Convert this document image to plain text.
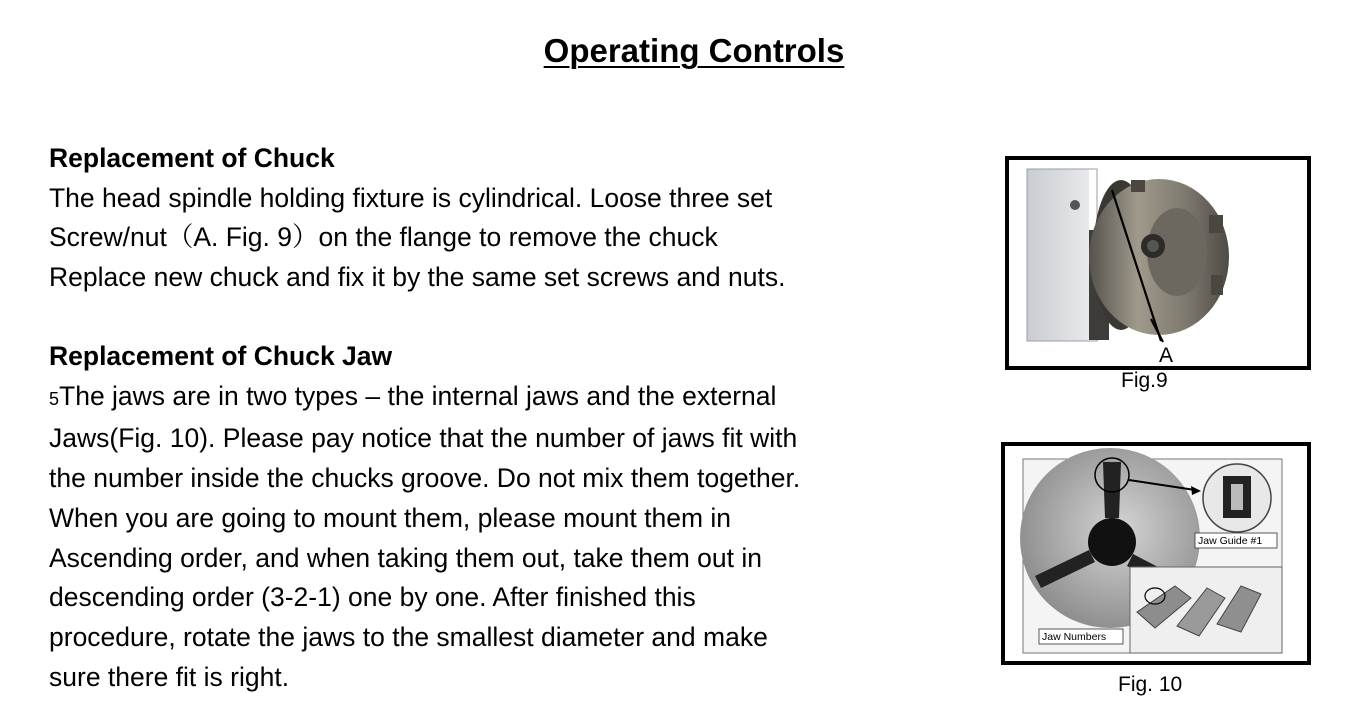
Operating Controls
Replacement of Chuck
The head spindle holding fixture is cylindrical. Loose three set
Screw/nut（A. Fig. 9）on the flange to remove the chuck
Replace new chuck and fix it by the same set screws and nuts.
Replacement of Chuck Jaw
5The jaws are in two types – the internal jaws and the external
Jaws(Fig. 10). Please pay notice that the number of jaws fit with
the number inside the chucks groove. Do not mix them together.
When you are going to mount them, please mount them in
Ascending order, and when taking them out, take them out in
descending order (3-2-1) one by one. After finished this
procedure, rotate the jaws to the smallest diameter and make
sure there fit is right.
A
Fig.9
Jaw Guide #1
Jaw Numbers
Fig. 10
